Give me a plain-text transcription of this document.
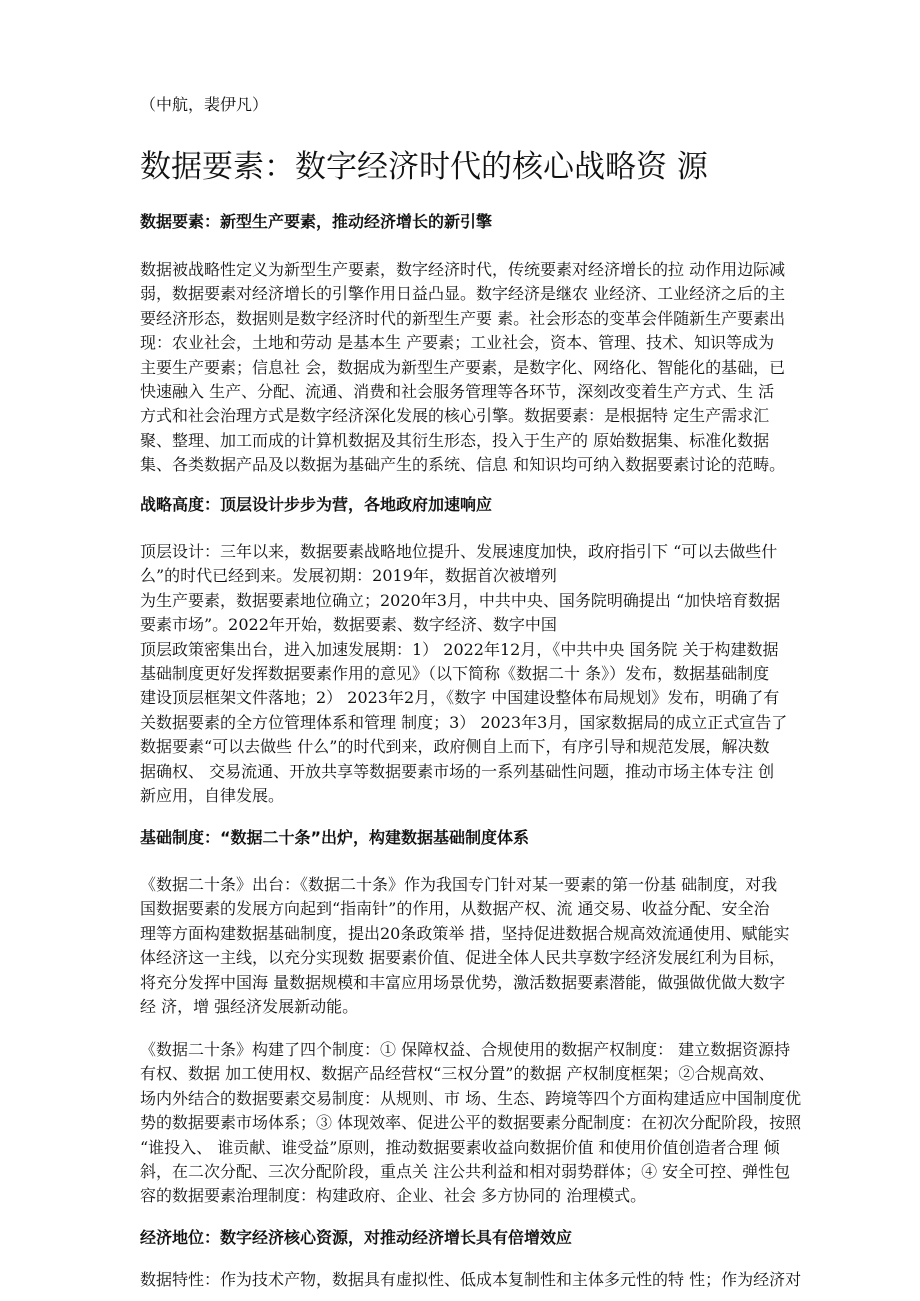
（中航，裴伊凡）
数据要素：数字经济时代的核心战略资 源
数据要素：新型生产要素，推动经济增长的新引擎
数据被战略性定义为新型生产要素，数字经济时代，传统要素对经济增长的拉 动作用边际减
弱，数据要素对经济增长的引擎作用日益凸显。数字经济是继农 业经济、工业经济之后的主
要经济形态，数据则是数字经济时代的新型生产要 素。社会形态的变革会伴随新生产要素出
现：农业社会，土地和劳动 是基本生 产要素；工业社会，资本、管理、技术、知识等成为
主要生产要素；信息社 会，数据成为新型生产要素，是数字化、网络化、智能化的基础，已
快速融入 生产、分配、流通、消费和社会服务管理等各环节，深刻改变着生产方式、生 活
方式和社会治理方式是数字经济深化发展的核心引擎。数据要素：是根据特 定生产需求汇
聚、整理、加工而成的计算机数据及其衍生形态，投入于生产的 原始数据集、标准化数据
集、各类数据产品及以数据为基础产生的系统、信息 和知识均可纳入数据要素讨论的范畴。
战略高度：顶层设计步步为营，各地政府加速响应
顶层设计：三年以来，数据要素战略地位提升、发展速度加快，政府指引下 “可以去做些什
么”的时代已经到来。发展初期：2019年，数据首次被增列
为生产要素，数据要素地位确立；2020年3月，中共中央、国务院明确提出 “加快培育数据
要素市场”。2022年开始，数据要素、数字经济、数字中国
顶层政策密集出台，进入加速发展期：1） 2022年12月，《中共中央 国务院 关于构建数据
基础制度更好发挥数据要素作用的意见》（以下简称《数据二十 条》）发布，数据基础制度
建设顶层框架文件落地；2） 2023年2月，《数字 中国建设整体布局规划》发布，明确了有
关数据要素的全方位管理体系和管理 制度；3） 2023年3月，国家数据局的成立正式宣告了
数据要素“可以去做些 什么”的时代到来，政府侧自上而下，有序引导和规范发展，解决数
据确权、 交易流通、开放共享等数据要素市场的一系列基础性问题，推动市场主体专注 创
新应用，自律发展。
基础制度：“数据二十条”出炉，构建数据基础制度体系
《数据二十条》出台：《数据二十条》作为我国专门针对某一要素的第一份基 础制度，对我
国数据要素的发展方向起到“指南针”的作用，从数据产权、流 通交易、收益分配、安全治
理等方面构建数据基础制度，提出20条政策举 措，坚持促进数据合规高效流通使用、赋能实
体经济这一主线，以充分实现数 据要素价值、促进全体人民共享数字经济发展红利为目标，
将充分发挥中国海 量数据规模和丰富应用场景优势，激活数据要素潜能，做强做优做大数字
经 济，增 强经济发展新动能。
《数据二十条》构建了四个制度：① 保障权益、合规使用的数据产权制度： 建立数据资源持
有权、数据 加工使用权、数据产品经营权“三权分置”的数据 产权制度框架；②合规高效、
场内外结合的数据要素交易制度：从规则、市 场、生态、跨境等四个方面构建适应中国制度优
势的数据要素市场体系；③ 体现效率、促进公平的数据要素分配制度：在初次分配阶段，按照
“谁投入、 谁贡献、谁受益”原则，推动数据要素收益向数据价值 和使用价值创造者合理 倾
斜，在二次分配、三次分配阶段，重点关 注公共利益和相对弱势群体；④ 安全可控、弹性包
容的数据要素治理制度：构建政府、企业、社会 多方协同的 治理模式。
经济地位：数字经济核心资源，对推动经济增长具有倍增效应
数据特性：作为技术产物，数据具有虚拟性、低成本复制性和主体多元性的特 性；作为经济对
